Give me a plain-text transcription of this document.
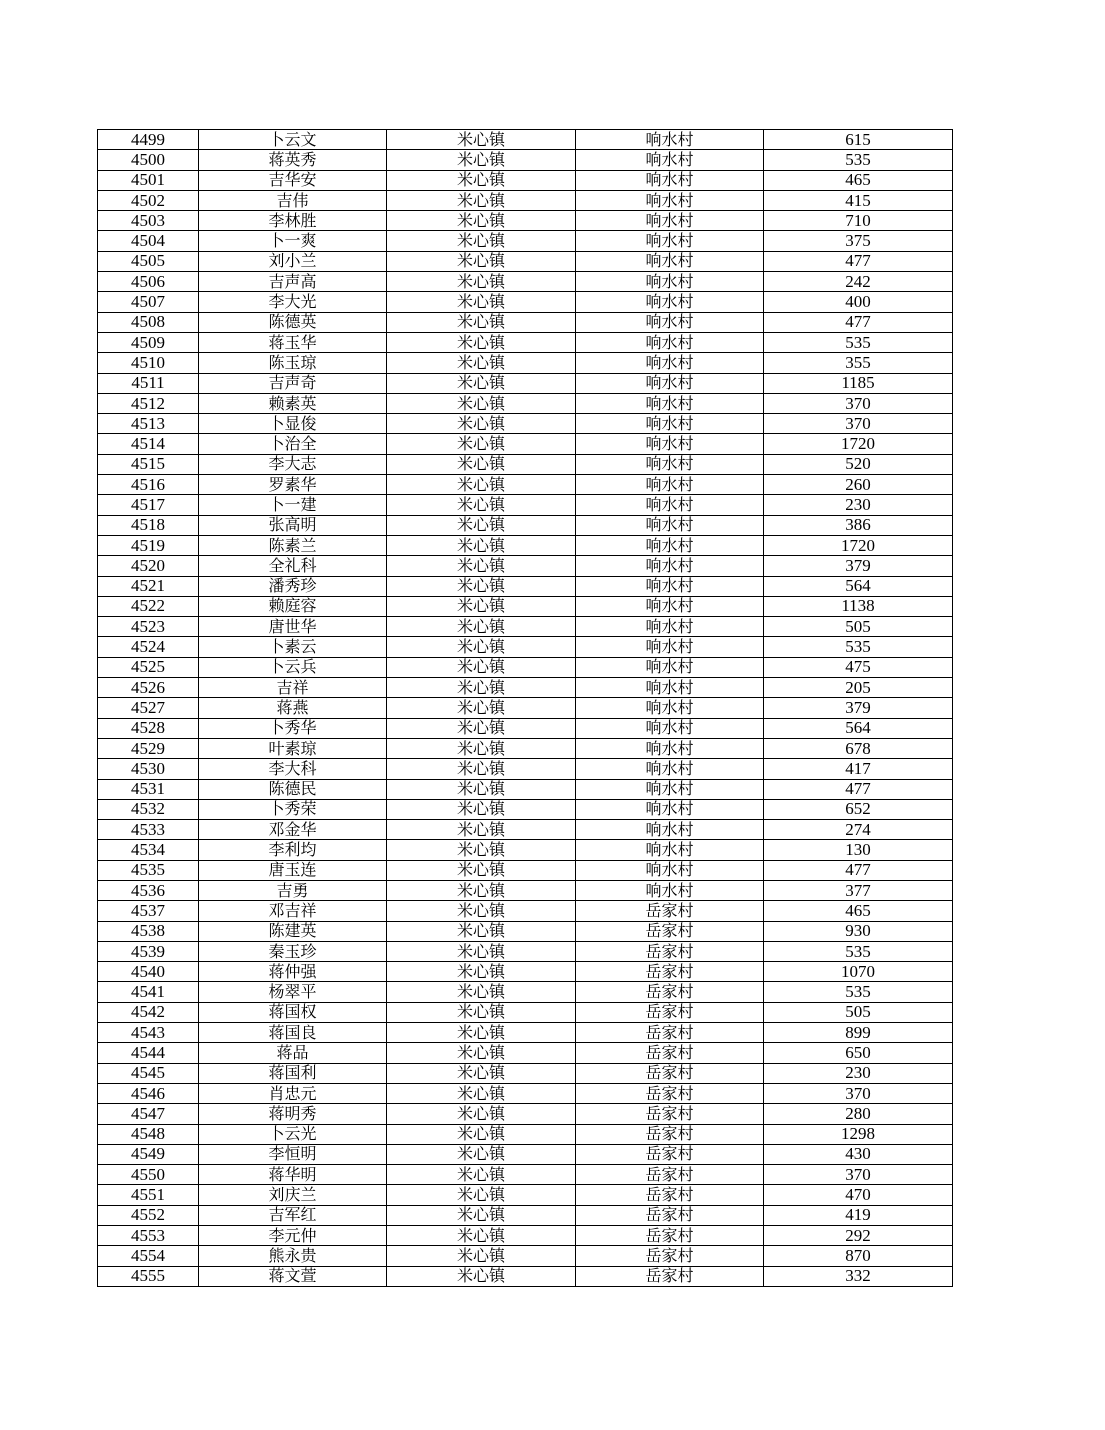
4499	卜云文	米心镇	响水村	615
4500	蒋英秀	米心镇	响水村	535
4501	吉华安	米心镇	响水村	465
4502	吉伟	米心镇	响水村	415
4503	李林胜	米心镇	响水村	710
4504	卜一爽	米心镇	响水村	375
4505	刘小兰	米心镇	响水村	477
4506	吉声高	米心镇	响水村	242
4507	李大光	米心镇	响水村	400
4508	陈德英	米心镇	响水村	477
4509	蒋玉华	米心镇	响水村	535
4510	陈玉琼	米心镇	响水村	355
4511	吉声奇	米心镇	响水村	1185
4512	赖素英	米心镇	响水村	370
4513	卜显俊	米心镇	响水村	370
4514	卜治全	米心镇	响水村	1720
4515	李大志	米心镇	响水村	520
4516	罗素华	米心镇	响水村	260
4517	卜一建	米心镇	响水村	230
4518	张高明	米心镇	响水村	386
4519	陈素兰	米心镇	响水村	1720
4520	全礼科	米心镇	响水村	379
4521	潘秀珍	米心镇	响水村	564
4522	赖庭容	米心镇	响水村	1138
4523	唐世华	米心镇	响水村	505
4524	卜素云	米心镇	响水村	535
4525	卜云兵	米心镇	响水村	475
4526	吉祥	米心镇	响水村	205
4527	蒋燕	米心镇	响水村	379
4528	卜秀华	米心镇	响水村	564
4529	叶素琼	米心镇	响水村	678
4530	李大科	米心镇	响水村	417
4531	陈德民	米心镇	响水村	477
4532	卜秀荣	米心镇	响水村	652
4533	邓金华	米心镇	响水村	274
4534	李利均	米心镇	响水村	130
4535	唐玉连	米心镇	响水村	477
4536	吉勇	米心镇	响水村	377
4537	邓吉祥	米心镇	岳家村	465
4538	陈建英	米心镇	岳家村	930
4539	秦玉珍	米心镇	岳家村	535
4540	蒋仲强	米心镇	岳家村	1070
4541	杨翠平	米心镇	岳家村	535
4542	蒋国权	米心镇	岳家村	505
4543	蒋国良	米心镇	岳家村	899
4544	蒋品	米心镇	岳家村	650
4545	蒋国利	米心镇	岳家村	230
4546	肖忠元	米心镇	岳家村	370
4547	蒋明秀	米心镇	岳家村	280
4548	卜云光	米心镇	岳家村	1298
4549	李恒明	米心镇	岳家村	430
4550	蒋华明	米心镇	岳家村	370
4551	刘庆兰	米心镇	岳家村	470
4552	吉军红	米心镇	岳家村	419
4553	李元仲	米心镇	岳家村	292
4554	熊永贵	米心镇	岳家村	870
4555	蒋文萱	米心镇	岳家村	332
